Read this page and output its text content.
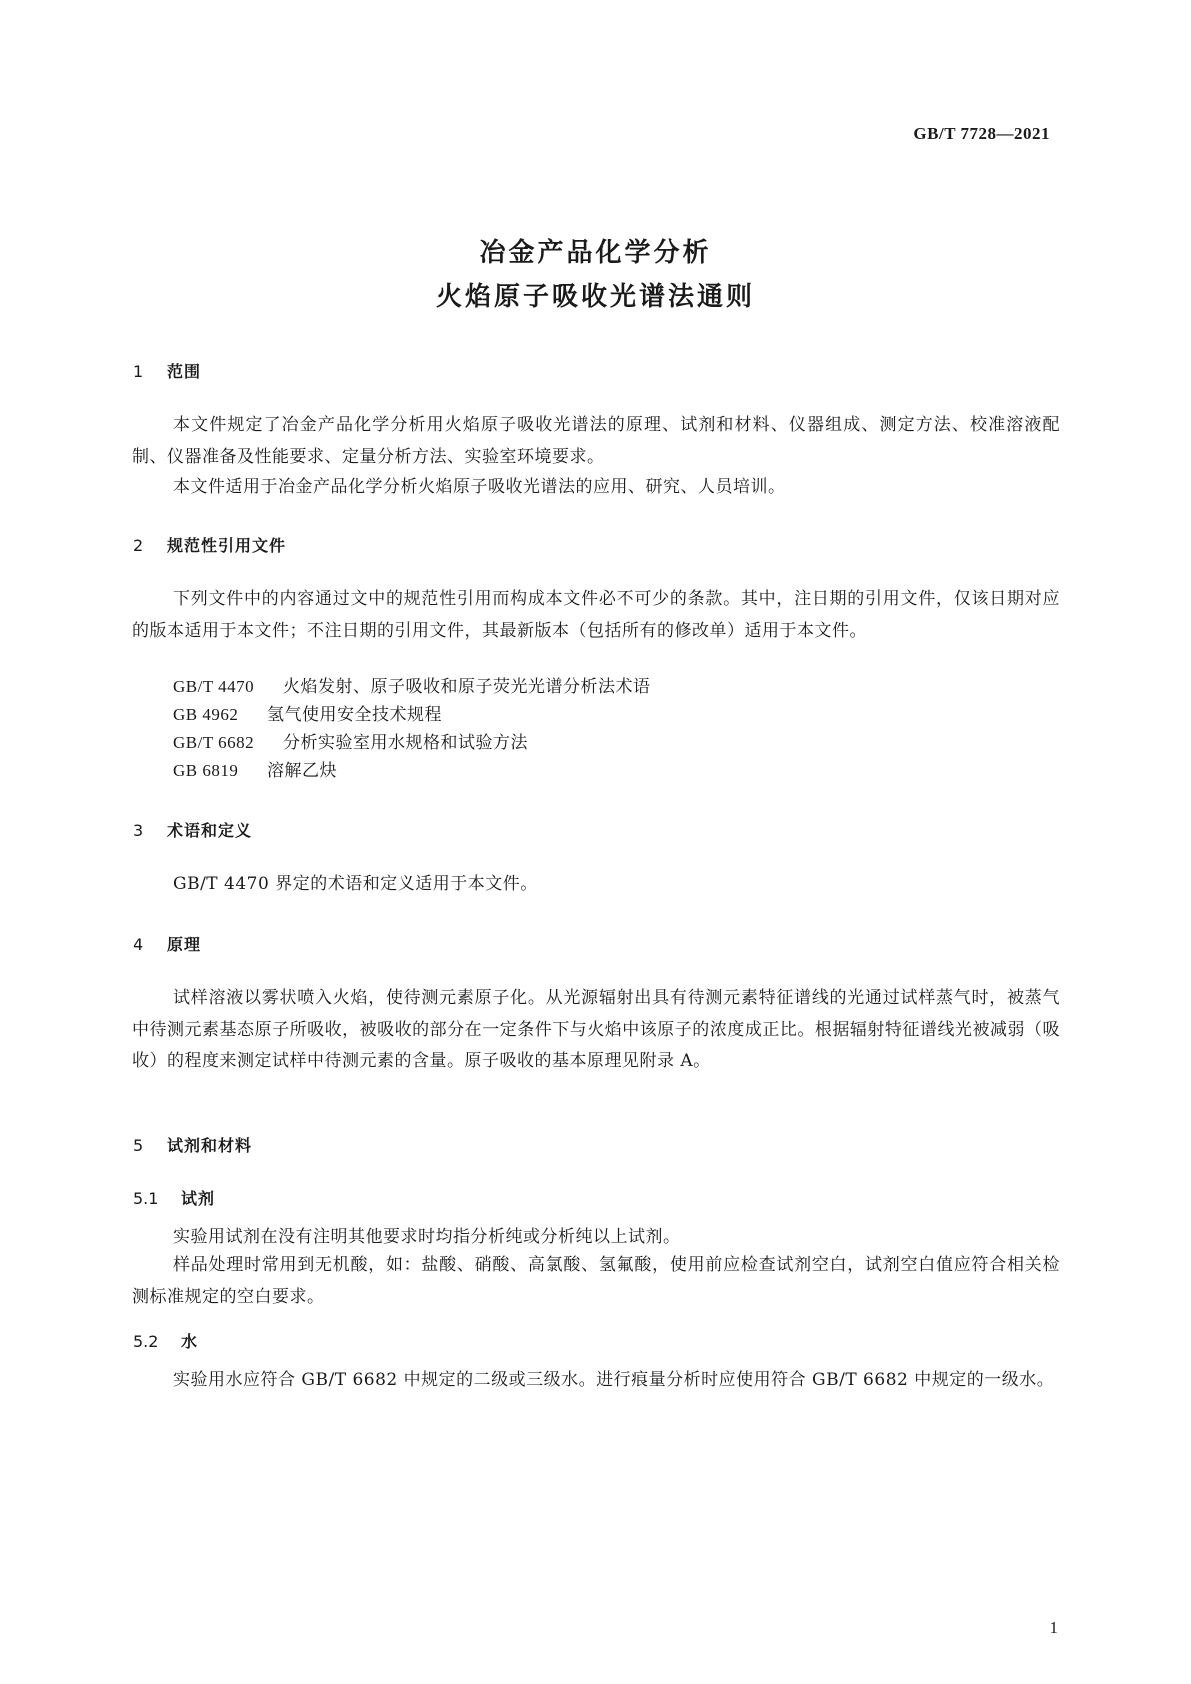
GB/T 7728—2021
冶金产品化学分析
火焰原子吸收光谱法通则
1 范围
本文件规定了冶金产品化学分析用火焰原子吸收光谱法的原理、试剂和材料、仪器组成、测定方法、校准溶液配制、仪器准备及性能要求、定量分析方法、实验室环境要求。
本文件适用于冶金产品化学分析火焰原子吸收光谱法的应用、研究、人员培训。
2 规范性引用文件
下列文件中的内容通过文中的规范性引用而构成本文件必不可少的条款。其中，注日期的引用文件，仅该日期对应的版本适用于本文件；不注日期的引用文件，其最新版本（包括所有的修改单）适用于本文件。
GB/T 4470 火焰发射、原子吸收和原子荧光光谱分析法术语
GB 4962 氢气使用安全技术规程
GB/T 6682 分析实验室用水规格和试验方法
GB 6819 溶解乙炔
3 术语和定义
GB/T 4470 界定的术语和定义适用于本文件。
4 原理
试样溶液以雾状喷入火焰，使待测元素原子化。从光源辐射出具有待测元素特征谱线的光通过试样蒸气时，被蒸气中待测元素基态原子所吸收，被吸收的部分在一定条件下与火焰中该原子的浓度成正比。根据辐射特征谱线光被减弱（吸收）的程度来测定试样中待测元素的含量。原子吸收的基本原理见附录 A。
5 试剂和材料
5.1 试剂
实验用试剂在没有注明其他要求时均指分析纯或分析纯以上试剂。
样品处理时常用到无机酸，如：盐酸、硝酸、高氯酸、氢氟酸，使用前应检查试剂空白，试剂空白值应符合相关检测标准规定的空白要求。
5.2 水
实验用水应符合 GB/T 6682 中规定的二级或三级水。进行痕量分析时应使用符合 GB/T 6682 中规定的一级水。
1
